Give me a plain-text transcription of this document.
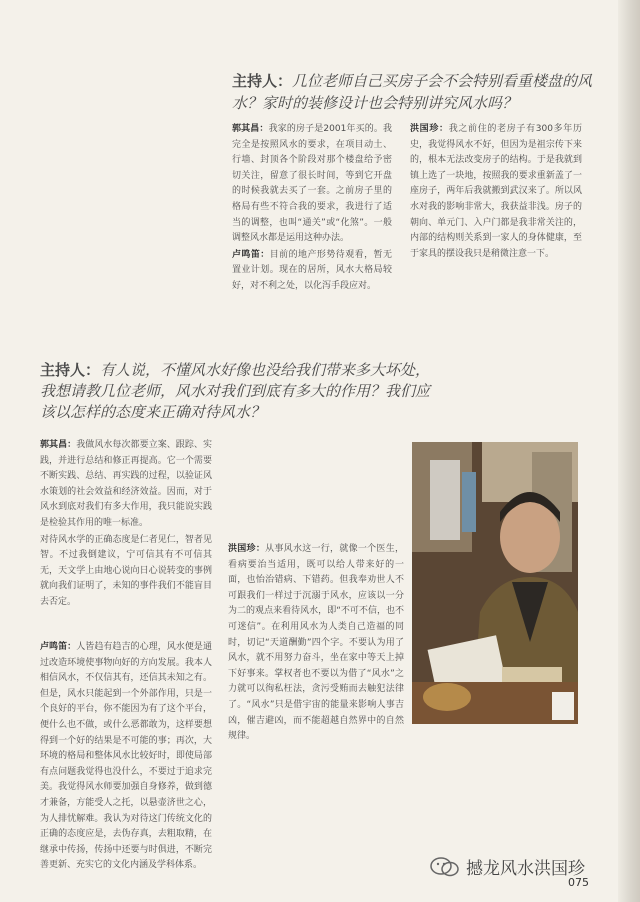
主持人：几位老师自己买房子会不会特别看重楼盘的风水？家时的装修设计也会特别讲究风水吗？

郭其昌：我家的房子是2001年买的。我完全是按照风水的要求，在项目动土、行墙、封顶各个阶段对那个楼盘给予密切关注，留意了很长时间，等到它开盘的时候我就去买了一套。之前房子里的格局有些不符合我的要求，我进行了适当的调整，也叫“通关”或“化煞”。一般调整风水都是运用这种办法。

卢鸣笛：目前的地产形势待观看，暂无置业计划。现在的居所，风水大格局较好，对不利之处，以化泻手段应对。

洪国珍：我之前住的老房子有300多年历史，我觉得风水不好，但因为是祖宗传下来的，根本无法改变房子的结构。于是我就到镇上选了一块地，按照我的要求重新盖了一座房子，两年后我就搬到武汉来了。所以风水对我的影响非常大，我获益非浅。房子的朝向、单元门、入户门都是我非常关注的，内部的结构则关系到一家人的身体健康，至于家具的摆设我只是稍微注意一下。

主持人：有人说，不懂风水好像也没给我们带来多大坏处，我想请教几位老师，风水对我们到底有多大的作用？我们应该以怎样的态度来正确对待风水？

郭其昌：我做风水每次都要立案、跟踪、实践，并进行总结和修正再提高。它一个需要不断实践、总结、再实践的过程，以验证风水策划的社会效益和经济效益。因而，对于风水到底对我们有多大作用，我只能说实践是检验其作用的唯一标准。

对待风水学的正确态度是仁者见仁，智者见智。不过我倒建议，宁可信其有不可信其无，天文学上由地心说向日心说转变的事例就向我们证明了，未知的事件我们不能盲目去否定。

卢鸣笛：人皆趋有趋吉的心理，风水便是通过改造环境使事物向好的方向发展。我本人相信风水，不仅信其有，还信其未知之有。但是，风水只能起到一个外部作用，只是一个良好的平台，你不能因为有了这个平台，便什么也不做，或什么恶都敢为，这样要想得到一个好的结果是不可能的事；再次，大环境的格局和整体风水比较好时，即使局部有点问题我觉得也没什么，不要过于追求完美。我觉得风水师要加强自身修养，做到德才兼备，方能受人之托，以悬壶济世之心，为人排忧解难。我认为对待这门传统文化的正确的态度应是，去伪存真，去粗取精，在继承中传扬，传扬中还要与时俱进，不断完善更新、充实它的文化内涵及学科体系。

洪国珍：从事风水这一行，就像一个医生，看病要治当适用，既可以给人带来好的一面，也怡治错病、下错药。但我奉劝世人不可跟我们一样过于沉溺于风水，应该以一分为二的观点来看待风水，即“不可不信，也不可迷信”。在利用风水为人类自己造福的同时，切记“天道酬勤”四个字。不要认为用了风水，就不用努力奋斗，坐在家中等天上掉下好事来。掌权者也不要以为借了“风水”之力就可以徇私枉法，贪污受贿而去触犯法律了。“风水”只是借宇宙的能量来影响人事吉凶，催吉避凶，而不能超越自然界中的自然规律。

撼龙风水洪国珍
075
